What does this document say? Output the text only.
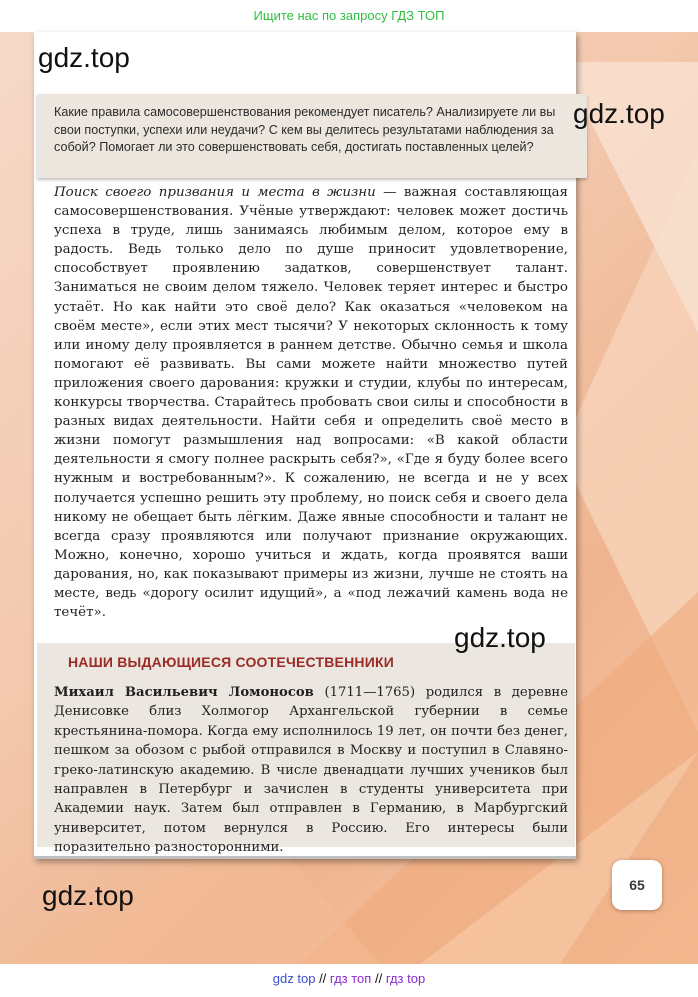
Ищите нас по запросу ГДЗ ТОП
Какие правила самосовершенствования рекомендует писатель? Анализируете ли вы свои поступки, успехи или неудачи? С кем вы делитесь результатами наблюдения за собой? Помогает ли это совершенствовать себя, достигать поставленных целей?
Поиск своего призвания и места в жизни — важная составляющая самосовершенствования. Учёные утверждают: человек может достичь успеха в труде, лишь занимаясь любимым делом, которое ему в радость. Ведь только дело по душе приносит удовлетворение, способствует проявлению задатков, совершенствует талант. Заниматься не своим делом тяжело. Человек теряет интерес и быстро устаёт. Но как найти это своё дело? Как оказаться «человеком на своём месте», если этих мест тысячи? У некоторых склонность к тому или иному делу проявляется в раннем детстве. Обычно семья и школа помогают её развивать. Вы сами можете найти множество путей приложения своего дарования: кружки и студии, клубы по интересам, конкурсы творчества. Старайтесь пробовать свои силы и способности в разных видах деятельности. Найти себя и определить своё место в жизни помогут размышления над вопросами: «В какой области деятельности я смогу полнее раскрыть себя?», «Где я буду более всего нужным и востребованным?». К сожалению, не всегда и не у всех получается успешно решить эту проблему, но поиск себя и своего дела никому не обещает быть лёгким. Даже явные способности и талант не всегда сразу проявляются или получают признание окружающих. Можно, конечно, хорошо учиться и ждать, когда проявятся ваши дарования, но, как показывают примеры из жизни, лучше не стоять на месте, ведь «дорогу осилит идущий», а «под лежачий камень вода не течёт».
НАШИ ВЫДАЮЩИЕСЯ СООТЕЧЕСТВЕННИКИ
Михаил Васильевич Ломоносов (1711—1765) родился в деревне Денисовке близ Холмогор Архангельской губернии в семье крестьянина-помора. Когда ему исполнилось 19 лет, он почти без денег, пешком за обозом с рыбой отправился в Москву и поступил в Славяно-греко-латинскую академию. В числе двенадцати лучших учеников был направлен в Петербург и зачислен в студенты университета при Академии наук. Затем был отправлен в Германию, в Марбургский университет, потом вернулся в Россию. Его интересы были поразительно разносторонними.
gdz.top
gdz.top
gdz.top
gdz.top	65
gdz top // гдз топ // гдз top
